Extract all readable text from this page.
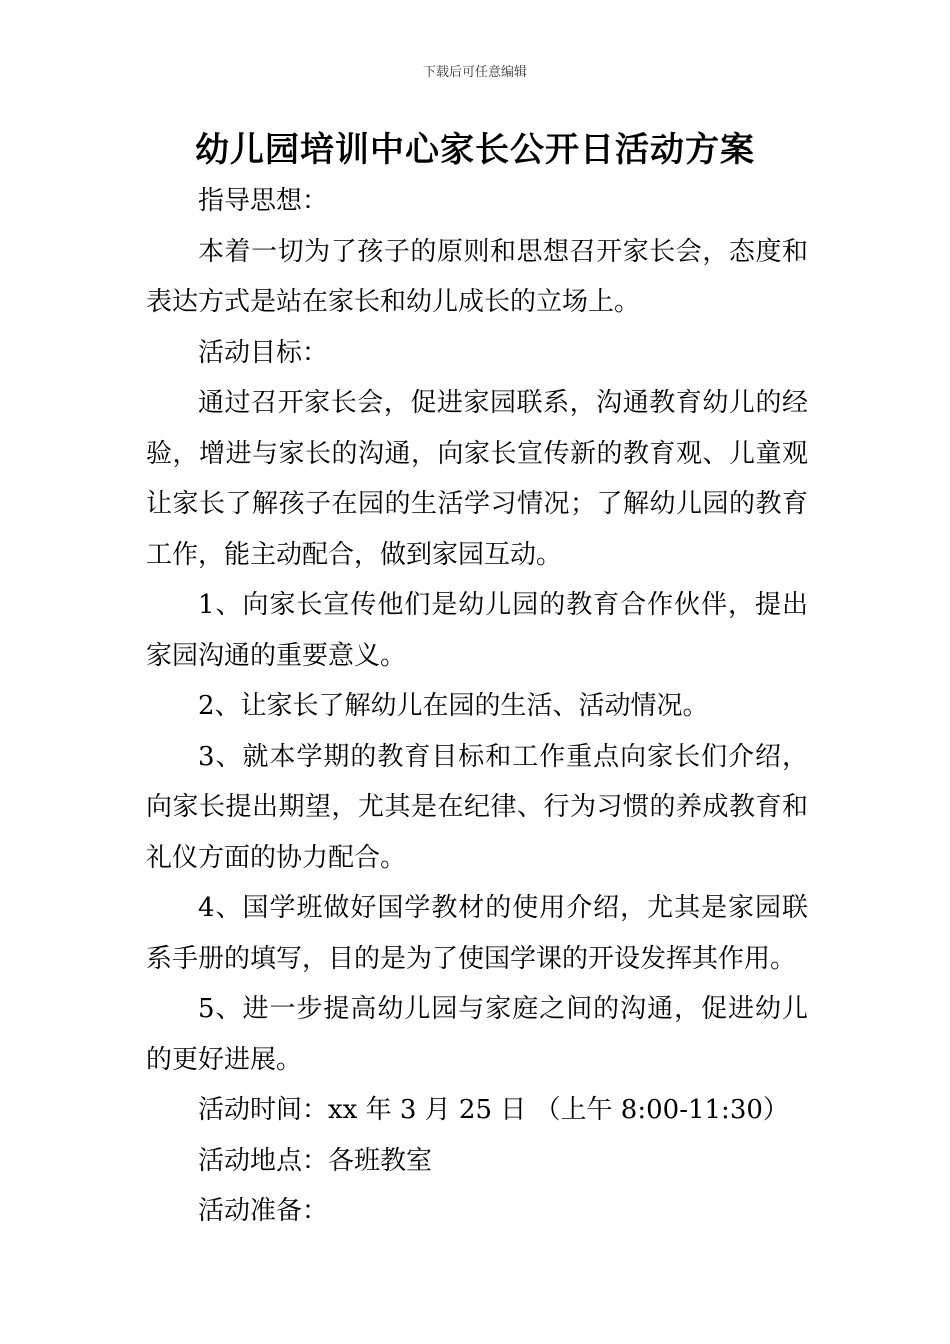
下载后可任意编辑
幼儿园培训中心家长公开日活动方案

指导思想：

本着一切为了孩子的原则和思想召开家长会，态度和表达方式是站在家长和幼儿成长的立场上。

活动目标：

通过召开家长会，促进家园联系，沟通教育幼儿的经验，增进与家长的沟通，向家长宣传新的教育观、儿童观让家长了解孩子在园的生活学习情况；了解幼儿园的教育工作，能主动配合，做到家园互动。

1、向家长宣传他们是幼儿园的教育合作伙伴，提出家园沟通的重要意义。

2、让家长了解幼儿在园的生活、活动情况。

3、就本学期的教育目标和工作重点向家长们介绍，向家长提出期望，尤其是在纪律、行为习惯的养成教育和礼仪方面的协力配合。

4、国学班做好国学教材的使用介绍，尤其是家园联系手册的填写，目的是为了使国学课的开设发挥其作用。

5、进一步提高幼儿园与家庭之间的沟通，促进幼儿的更好进展。

活动时间：xx 年 3 月 25 日 （上午 8:00-11:30）

活动地点：各班教室

活动准备：
